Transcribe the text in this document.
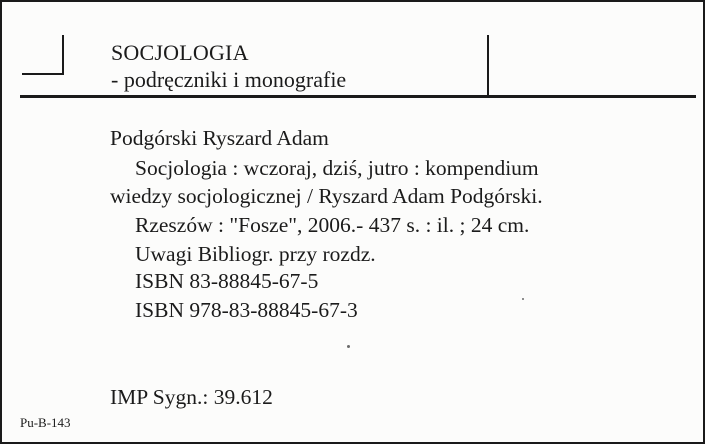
SOCJOLOGIA
- podręczniki i monografie
Podgórski Ryszard Adam
Socjologia : wczoraj, dziś, jutro : kompendium
wiedzy socjologicznej / Ryszard Adam Podgórski.
Rzeszów : "Fosze", 2006.- 437 s. : il. ; 24 cm.
Uwagi Bibliogr. przy rozdz.
ISBN 83-88845-67-5
ISBN 978-83-88845-67-3
IMP Sygn.: 39.612
Pu-B-143
